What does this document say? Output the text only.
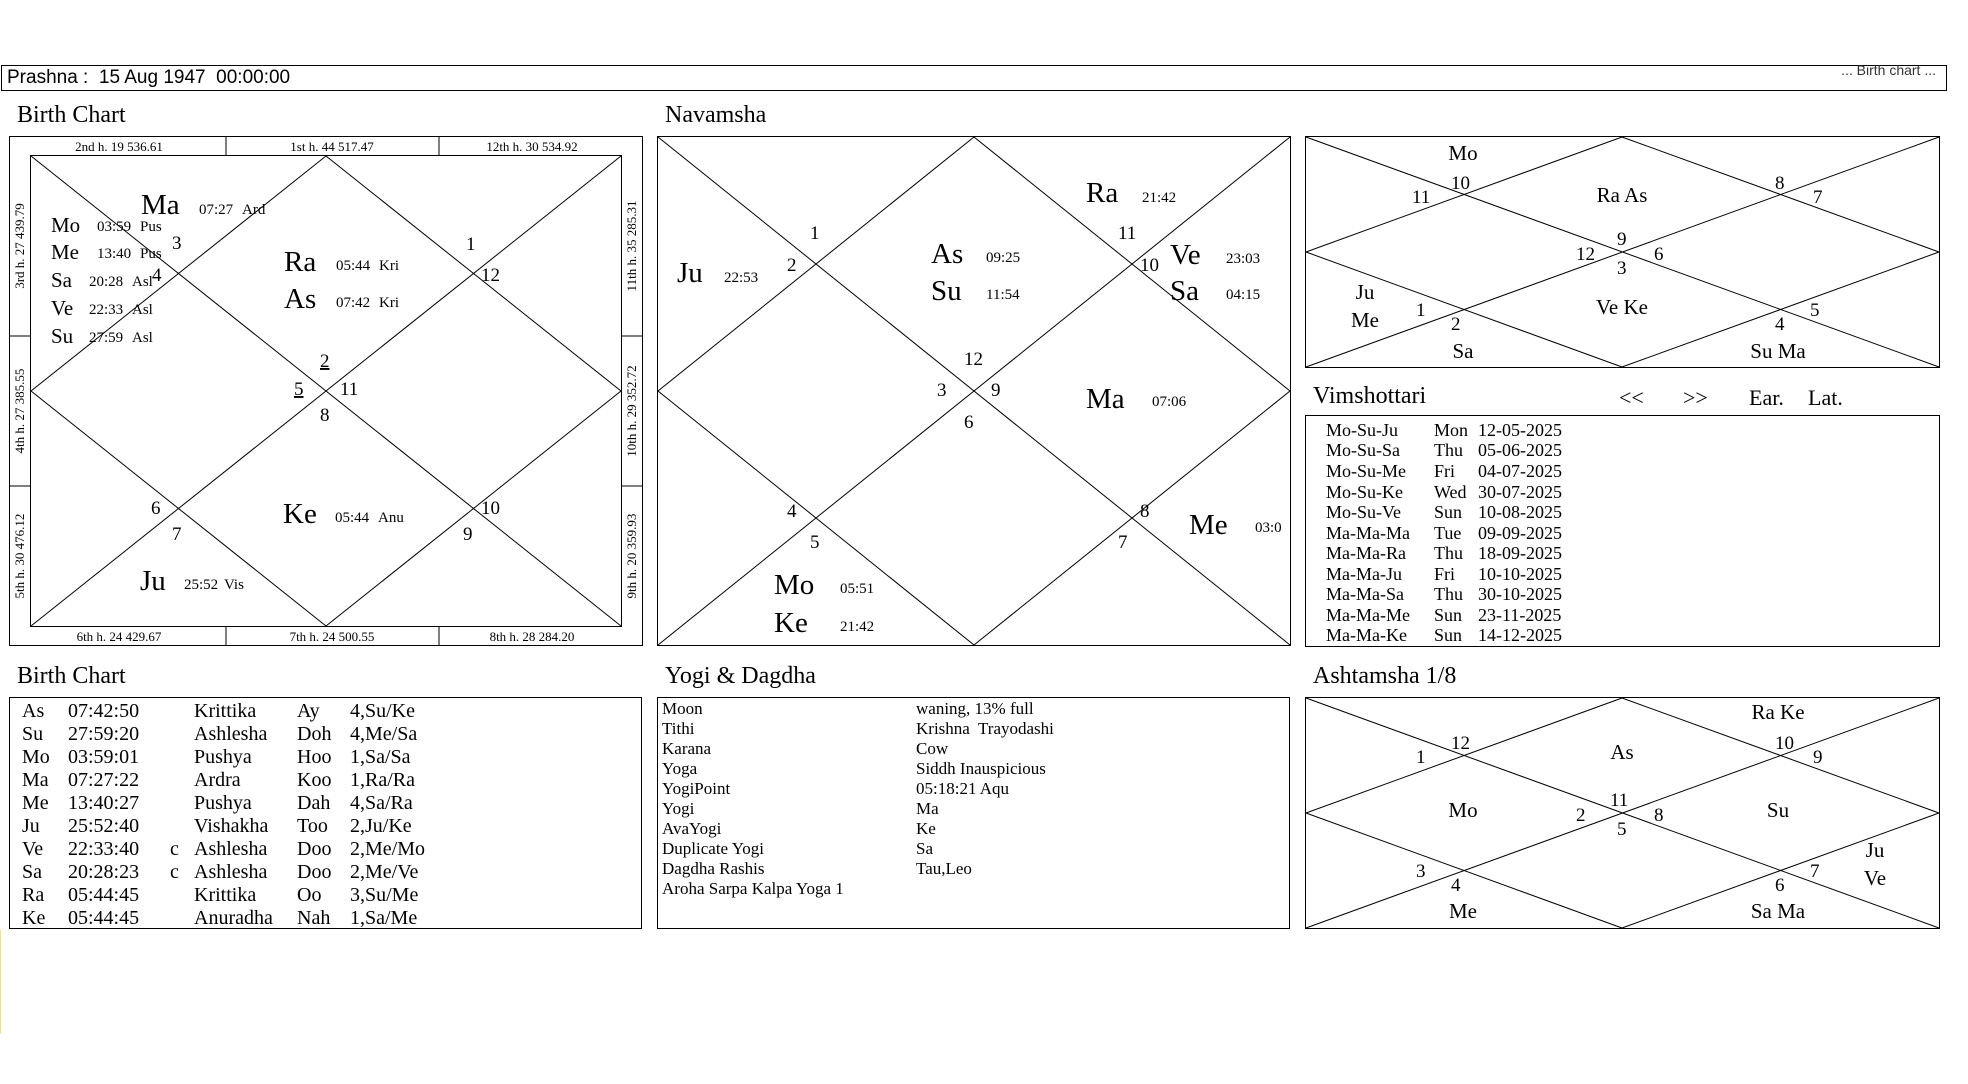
Prashna : 15 Aug 1947  00:00:00	... Birth chart ...
Birth Chart	Navamsha
Vimshottari	<< >> Ear. Lat.
Birth Chart	Yogi & Dagdha	Ashtamsha 1/8
2nd h. 19 536.61	1st h. 44 517.47	12th h. 30 534.92
6th h. 24 429.67	7th h. 24 500.55	8th h. 28 284.20
3rd h. 27 439.79
4th h. 27 385.55
5th h. 30 476.12
11th h. 35 285.31
10th h. 29 352.72
9th h. 20 359.93
1
12
2
11
5
8
3
4
6
7
10
9
Ma 07:27 Ard
Mo 03:59 Pus
Me 13:40 Pus
Sa 20:28 Asl
Ve 22:33 Asl
Su 27:59 Asl
Ra 05:44 Kri
As 07:42 Kri
Ke 05:44 Anu
Ju 25:52 Vis
1
2
11
10
12
3 9
6
4
5
8
7
Ju 22:53
As 09:25
Su 11:54
Ra 21:42
Ve 23:03
Sa 04:15
Ma 07:06
Me 03:0
Mo 05:51
Ke 21:42
10
11
8
7
9
12
3
6
1
2	4
5
Mo
Ra As
Ju
Me
Ve Ke
Sa	Su Ma
Mo-Su-Ju Mon 12-05-2025
Mo-Su-Sa Thu 05-06-2025
Mo-Su-Me Fri 04-07-2025
Mo-Su-Ke Wed 30-07-2025
Mo-Su-Ve Sun 10-08-2025
Ma-Ma-Ma Tue 09-09-2025
Ma-Ma-Ra Thu 18-09-2025
Ma-Ma-Ju Fri 10-10-2025
Ma-Ma-Sa Thu 30-10-2025
Ma-Ma-Me Sun 23-11-2025
Ma-Ma-Ke Sun 14-12-2025
As 07:42:50	Krittika Ay 4,Su/Ke
Su 27:59:20	Ashlesha Doh 4,Me/Sa
Mo 03:59:01	Pushya Hoo 1,Sa/Sa
Ma 07:27:22	Ardra	Koo 1,Ra/Ra
Me 13:40:27	Pushya Dah 4,Sa/Ra
Ju 25:52:40	Vishakha Too 2,Ju/Ke
Ve 22:33:40 c Ashlesha Doo 2,Me/Mo
Sa 20:28:23 c Ashlesha Doo 2,Me/Ve
Ra 05:44:45	Krittika Oo 3,Su/Me
Ke 05:44:45	Anuradha Nah 1,Sa/Me
Moon	waning, 13% full
Tithi	Krishna  Trayodashi
Karana	Cow
Yoga	Siddh Inauspicious
YogiPoint	05:18:21 Aqu
Yogi	Ma
AvaYogi	Ke
Duplicate Yogi	Sa
Dagdha Rashis	Tau,Leo
Aroha Sarpa Kalpa Yoga 1
12
1
10
9
11
2	8
5
3
4
7
6
Ra Ke
As
Mo	Su
Ju
Ve
Me	Sa Ma
